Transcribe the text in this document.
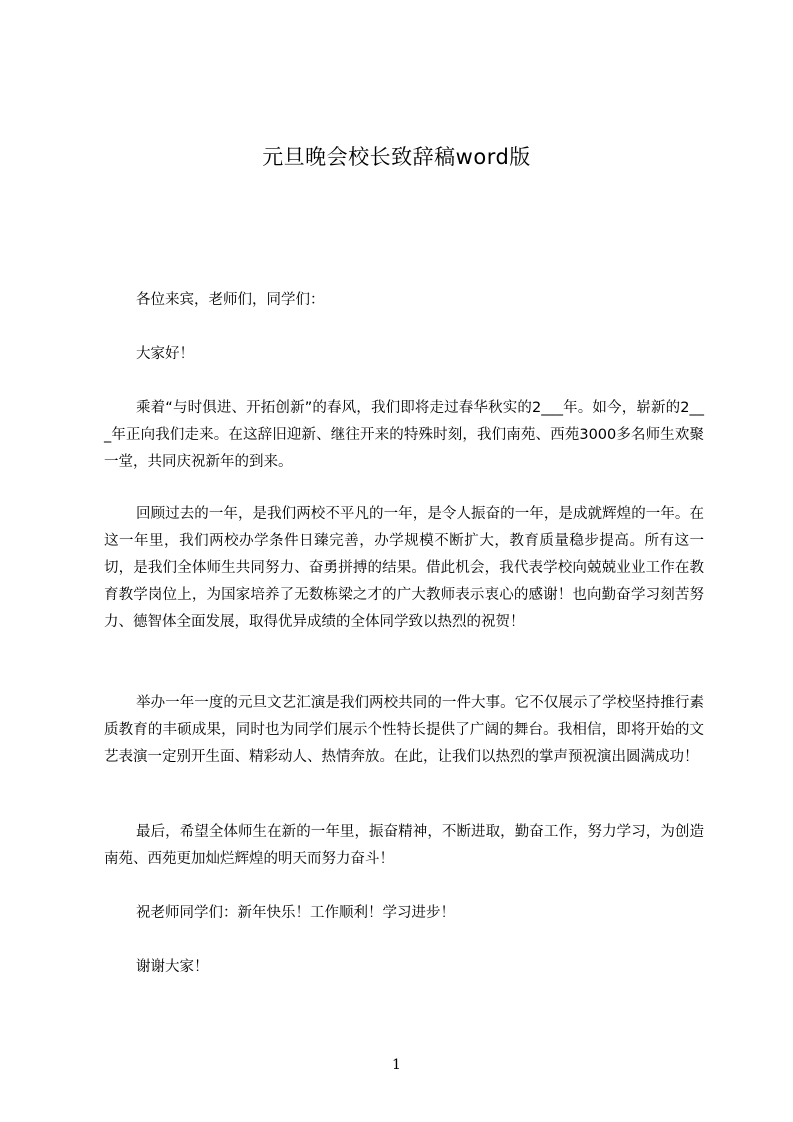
元旦晚会校长致辞稿word版

各位来宾，老师们，同学们：

大家好！

乘着“与时俱进、开拓创新”的春风，我们即将走过春华秋实的2___年。如今，崭新的2___年正向我们走来。在这辞旧迎新、继往开来的特殊时刻，我们南苑、西苑3000多名师生欢聚一堂，共同庆祝新年的到来。

回顾过去的一年，是我们两校不平凡的一年，是令人振奋的一年，是成就辉煌的一年。在这一年里，我们两校办学条件日臻完善，办学规模不断扩大，教育质量稳步提高。所有这一切，是我们全体师生共同努力、奋勇拼搏的结果。借此机会，我代表学校向兢兢业业工作在教育教学岗位上，为国家培养了无数栋梁之才的广大教师表示衷心的感谢！也向勤奋学习刻苦努力、德智体全面发展，取得优异成绩的全体同学致以热烈的祝贺！

举办一年一度的元旦文艺汇演是我们两校共同的一件大事。它不仅展示了学校坚持推行素质教育的丰硕成果，同时也为同学们展示个性特长提供了广阔的舞台。我相信，即将开始的文艺表演一定别开生面、精彩动人、热情奔放。在此，让我们以热烈的掌声预祝演出圆满成功！

最后，希望全体师生在新的一年里，振奋精神，不断进取，勤奋工作，努力学习，为创造南苑、西苑更加灿烂辉煌的明天而努力奋斗！

祝老师同学们：新年快乐！工作顺利！学习进步！

谢谢大家！

1
